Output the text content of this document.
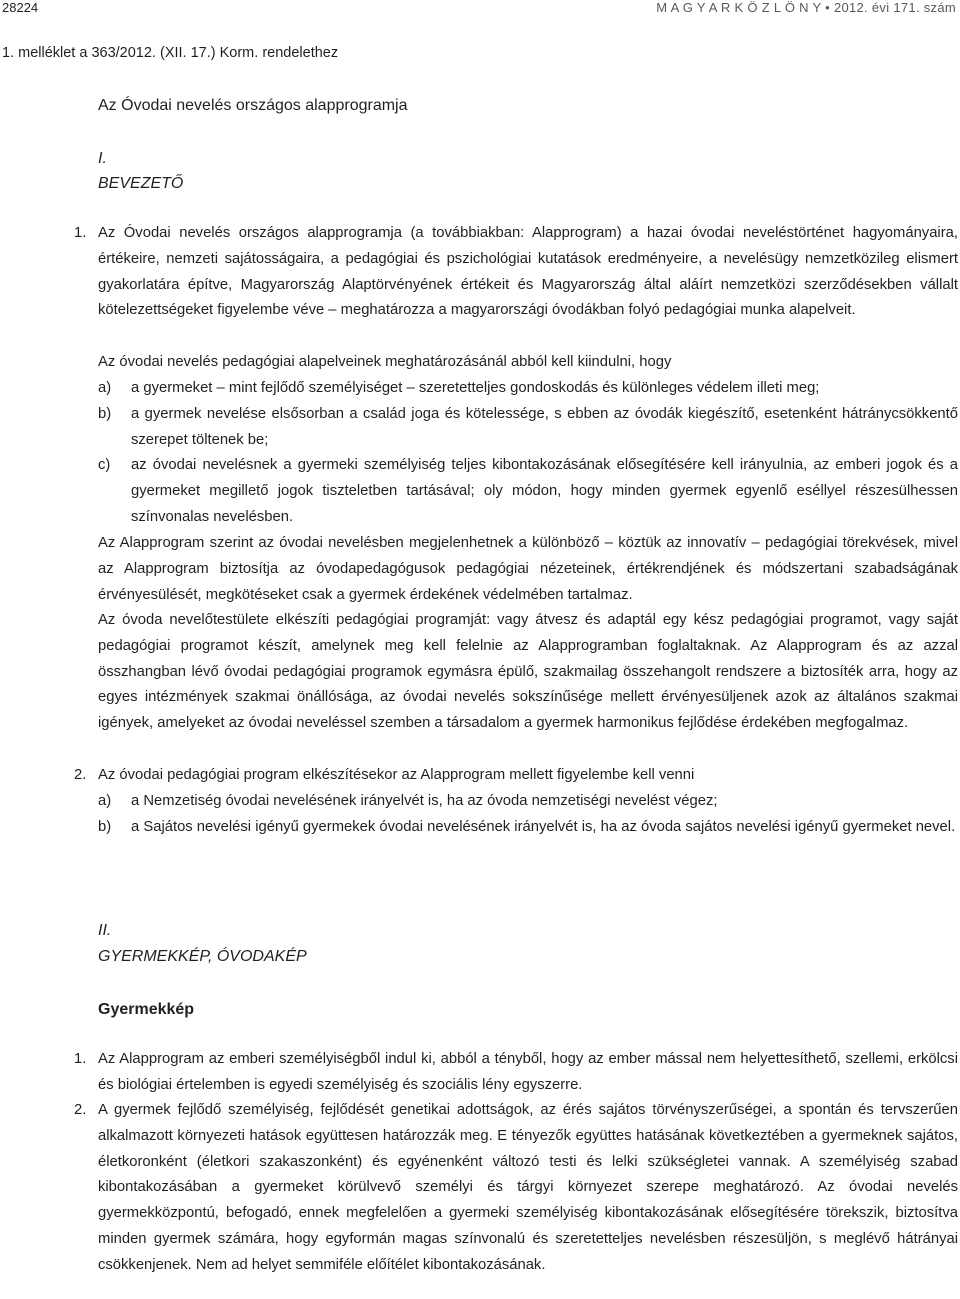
28224	M A G Y A R K Ö Z L Ö N Y • 2012. évi 171. szám
1. melléklet a 363/2012. (XII. 17.) Korm. rendelethez
Az Óvodai nevelés országos alapprogramja
I.
BEVEZETŐ
1. Az Óvodai nevelés országos alapprogramja (a továbbiakban: Alapprogram) a hazai óvodai neveléstörténet hagyományaira, értékeire, nemzeti sajátosságaira, a pedagógiai és pszichológiai kutatások eredményeire, a nevelésügy nemzetközileg elismert gyakorlatára építve, Magyarország Alaptörvényének értékeit és Magyarország által aláírt nemzetközi szerződésekben vállalt kötelezettségeket figyelembe véve – meghatározza a magyarországi óvodákban folyó pedagógiai munka alapelveit.

Az óvodai nevelés pedagógiai alapelveinek meghatározásánál abból kell kiindulni, hogy

a) a gyermeket – mint fejlődő személyiséget – szeretetteljes gondoskodás és különleges védelem illeti meg;

b) a gyermek nevelése elsősorban a család joga és kötelessége, s ebben az óvodák kiegészítő, esetenként hátránycsökkentő szerepet töltenek be;

c) az óvodai nevelésnek a gyermeki személyiség teljes kibontakozásának elősegítésére kell irányulnia, az emberi jogok és a gyermeket megillető jogok tiszteletben tartásával; oly módon, hogy minden gyermek egyenlő eséllyel részesülhessen színvonalas nevelésben.

Az Alapprogram szerint az óvodai nevelésben megjelenhetnek a különböző – köztük az innovatív – pedagógiai törekvések, mivel az Alapprogram biztosítja az óvodapedagógusok pedagógiai nézeteinek, értékrendjének és módszertani szabadságának érvényesülését, megkötéseket csak a gyermek érdekének védelmében tartalmaz.

Az óvoda nevelőtestülete elkészíti pedagógiai programját: vagy átvesz és adaptál egy kész pedagógiai programot, vagy saját pedagógiai programot készít, amelynek meg kell felelnie az Alapprogramban foglaltaknak. Az Alapprogram és az azzal összhangban lévő óvodai pedagógiai programok egymásra épülő, szakmailag összehangolt rendszere a biztosíték arra, hogy az egyes intézmények szakmai önállósága, az óvodai nevelés sokszínűsége mellett érvényesüljenek azok az általános szakmai igények, amelyeket az óvodai neveléssel szemben a társadalom a gyermek harmonikus fejlődése érdekében megfogalmaz.

2. Az óvodai pedagógiai program elkészítésekor az Alapprogram mellett figyelembe kell venni

a) a Nemzetiség óvodai nevelésének irányelvét is, ha az óvoda nemzetiségi nevelést végez;

b) a Sajátos nevelési igényű gyermekek óvodai nevelésének irányelvét is, ha az óvoda sajátos nevelési igényű gyermeket nevel.

II.
GYERMEKKÉP, ÓVODAKÉP
Gyermekkép
1. Az Alapprogram az emberi személyiségből indul ki, abból a tényből, hogy az ember mással nem helyettesíthető, szellemi, erkölcsi és biológiai értelemben is egyedi személyiség és szociális lény egyszerre.

2. A gyermek fejlődő személyiség, fejlődését genetikai adottságok, az érés sajátos törvényszerűségei, a spontán és tervszerűen alkalmazott környezeti hatások együttesen határozzák meg. E tényezők együttes hatásának következtében a gyermeknek sajátos, életkoronként (életkori szakaszonként) és egyénenként változó testi és lelki szükségletei vannak. A személyiség szabad kibontakozásában a gyermeket körülvevő személyi és tárgyi környezet szerepe meghatározó. Az óvodai nevelés gyermekközpontú, befogadó, ennek megfelelően a gyermeki személyiség kibontakozásának elősegítésére törekszik, biztosítva minden gyermek számára, hogy egyformán magas színvonalú és szeretetteljes nevelésben részesüljön, s meglévő hátrányai csökkenjenek. Nem ad helyet semmiféle előítélet kibontakozásának.
